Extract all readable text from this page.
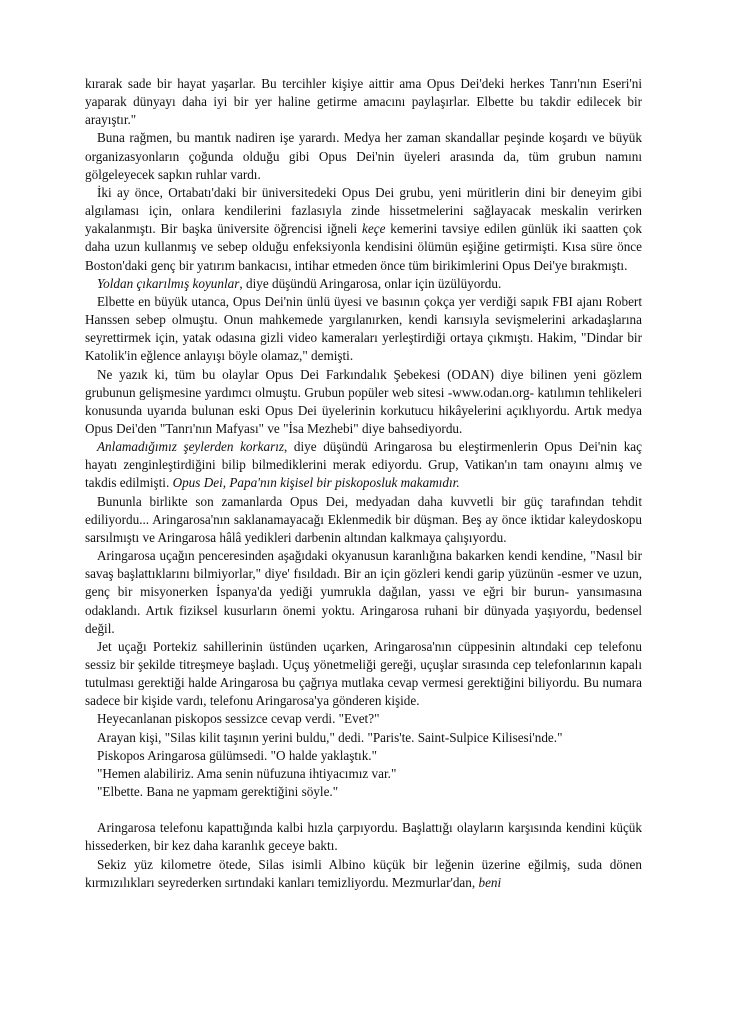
kırarak sade bir hayat yaşarlar. Bu tercihler kişiye aittir ama Opus Dei'deki herkes Tanrı'nın Eseri'ni yaparak dünyayı daha iyi bir yer haline getirme amacını paylaşırlar. Elbette bu takdir edilecek bir arayıştır."

Buna rağmen, bu mantık nadiren işe yarardı. Medya her zaman skandallar peşinde koşardı ve büyük organizasyonların çoğunda olduğu gibi Opus Dei'nin üyeleri arasında da, tüm grubun namını gölgeleyecek sapkın ruhlar vardı.

İki ay önce, Ortabatı'daki bir üniversitedeki Opus Dei grubu, yeni müritlerin dini bir deneyim gibi algılaması için, onlara kendilerini fazlasıyla zinde hissetmelerini sağlayacak meskalin verirken yakalanmıştı. Bir başka üniversite öğrencisi iğneli keçe kemerini tavsiye edilen günlük iki saatten çok daha uzun kullanmış ve sebep olduğu enfeksiyonla kendisini ölümün eşiğine getirmişti. Kısa süre önce Boston'daki genç bir yatırım bankacısı, intihar etmeden önce tüm birikimlerini Opus Dei'ye bırakmıştı.

Yoldan çıkarılmış koyunlar, diye düşündü Aringarosa, onlar için üzülüyordu.

Elbette en büyük utanca, Opus Dei'nin ünlü üyesi ve basının çokça yer verdiği sapık FBI ajanı Robert Hanssen sebep olmuştu. Onun mahkemede yargılanırken, kendi karısıyla sevişmelerini arkadaşlarına seyrettirmek için, yatak odasına gizli video kameraları yerleştirdiği ortaya çıkmıştı. Hakim, "Dindar bir Katolik'in eğlence anlayışı böyle olamaz," demişti.

Ne yazık ki, tüm bu olaylar Opus Dei Farkındalık Şebekesi (ODAN) diye bilinen yeni gözlem grubunun gelişmesine yardımcı olmuştu. Grubun popüler web sitesi -www.odan.org- katılımın tehlikeleri konusunda uyarıda bulunan eski Opus Dei üyelerinin korkutucu hikâyelerini açıklıyordu. Artık medya Opus Dei'den "Tanrı'nın Mafyası" ve "İsa Mezhebi" diye bahsediyordu.

Anlamadığımız şeylerden korkarız, diye düşündü Aringarosa bu eleştirmenlerin Opus Dei'nin kaç hayatı zenginleştirdiğini bilip bilmediklerini merak ediyordu. Grup, Vatikan'ın tam onayını almış ve takdis edilmişti. Opus Dei, Papa'nın kişisel bir piskoposluk makamıdır.

Bununla birlikte son zamanlarda Opus Dei, medyadan daha kuvvetli bir güç tarafından tehdit ediliyordu... Aringarosa'nın saklanamayacağı Eklenmedik bir düşman. Beş ay önce iktidar kaleydoskopu sarsılmıştı ve Aringarosa hâlâ yedikleri darbenin altından kalkmaya çalışıyordu.

Aringarosa uçağın penceresinden aşağıdaki okyanusun karanlığına bakarken kendi kendine, "Nasıl bir savaş başlattıklarını bilmiyorlar," diye' fısıldadı. Bir an için gözleri kendi garip yüzünün -esmer ve uzun, genç bir misyonerken İspanya'da yediği yumrukla dağılan, yassı ve eğri bir burun- yansımasına odaklandı. Artık fiziksel kusurların önemi yoktu. Aringarosa ruhani bir dünyada yaşıyordu, bedensel değil.

Jet uçağı Portekiz sahillerinin üstünden uçarken, Aringarosa'nın cüppesinin altındaki cep telefonu sessiz bir şekilde titreşmeye başladı. Uçuş yönetmeliği gereği, uçuşlar sırasında cep telefonlarının kapalı tutulması gerektiği halde Aringarosa bu çağrıya mutlaka cevap vermesi gerektiğini biliyordu. Bu numara sadece bir kişide vardı, telefonu Aringarosa'ya gönderen kişide.

Heyecanlanan piskopos sessizce cevap verdi. "Evet?"

Arayan kişi, "Silas kilit taşının yerini buldu," dedi. "Paris'te. Saint-Sulpice Kilisesi'nde."

Piskopos Aringarosa gülümsedi. "O halde yaklaştık."

"Hemen alabiliriz. Ama senin nüfuzuna ihtiyacımız var."

"Elbette. Bana ne yapmam gerektiğini söyle."

Aringarosa telefonu kapattığında kalbi hızla çarpıyordu. Başlattığı olayların karşısında kendini küçük hissederken, bir kez daha karanlık geceye baktı.

Sekiz yüz kilometre ötede, Silas isimli Albino küçük bir leğenin üzerine eğilmiş, suda dönen kırmızılıkları seyrederken sırtındaki kanları temizliyordu. Mezmurlar'dan, beni
